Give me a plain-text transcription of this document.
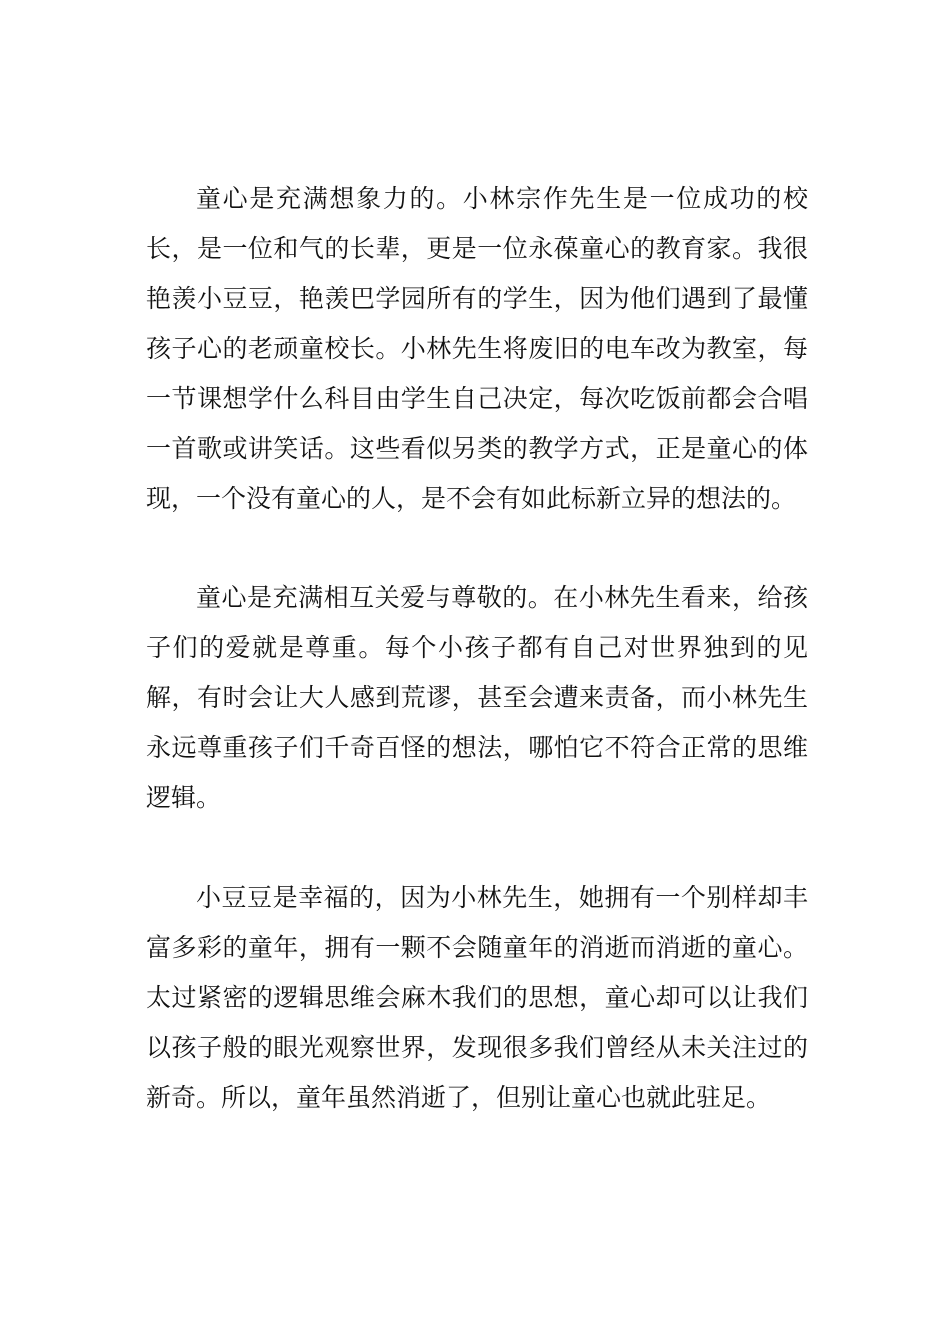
童心是充满想象力的。小林宗作先生是一位成功的校长，是一位和气的长辈，更是一位永葆童心的教育家。我很艳羡小豆豆，艳羡巴学园所有的学生，因为他们遇到了最懂孩子心的老顽童校长。小林先生将废旧的电车改为教室，每一节课想学什么科目由学生自己决定，每次吃饭前都会合唱一首歌或讲笑话。这些看似另类的教学方式，正是童心的体现，一个没有童心的人，是不会有如此标新立异的想法的。

童心是充满相互关爱与尊敬的。在小林先生看来，给孩子们的爱就是尊重。每个小孩子都有自己对世界独到的见解，有时会让大人感到荒谬，甚至会遭来责备，而小林先生永远尊重孩子们千奇百怪的想法，哪怕它不符合正常的思维逻辑。

小豆豆是幸福的，因为小林先生，她拥有一个别样却丰富多彩的童年，拥有一颗不会随童年的消逝而消逝的童心。太过紧密的逻辑思维会麻木我们的思想，童心却可以让我们以孩子般的眼光观察世界，发现很多我们曾经从未关注过的新奇。所以，童年虽然消逝了，但别让童心也就此驻足。
